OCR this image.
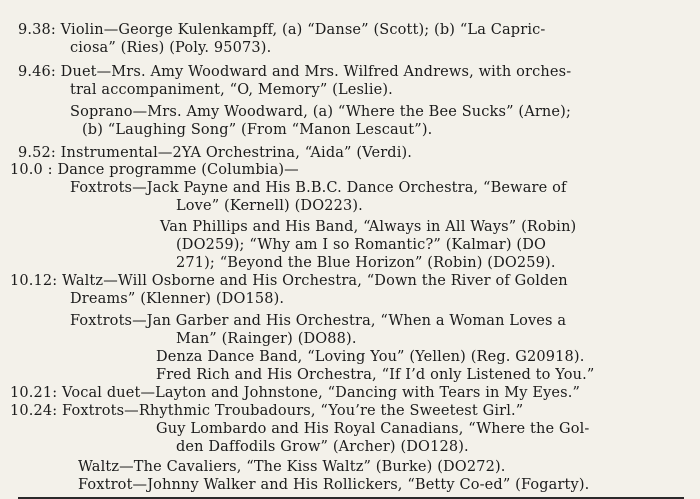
9.38: Violin—George Kulenkampff, (a) “Danse” (Scott); (b) “La Capric-
ciosa” (Ries) (Poly. 95073).
9.46: Duet—Mrs. Amy Woodward and Mrs. Wilfred Andrews, with orches-
tral accompaniment, “O, Memory” (Leslie).
Soprano—Mrs. Amy Woodward, (a) “Where the Bee Sucks” (Arne);
(b) “Laughing Song” (From “Manon Lescaut”).
9.52: Instrumental—2YA Orchestrina, “Aida” (Verdi).
10.0 : Dance programme (Columbia)—
Foxtrots—Jack Payne and His B.B.C. Dance Orchestra, “Beware of
Love” (Kernell) (DO223).
Van Phillips and His Band, “Always in All Ways” (Robin)
(DO259); “Why am I so Romantic?” (Kalmar) (DO
271); “Beyond the Blue Horizon” (Robin) (DO259).
10.12: Waltz—Will Osborne and His Orchestra, “Down the River of Golden
Dreams” (Klenner) (DO158).
Foxtrots—Jan Garber and His Orchestra, “When a Woman Loves a
Man” (Rainger) (DO88).
Denza Dance Band, “Loving You” (Yellen) (Reg. G20918).
Fred Rich and His Orchestra, “If I’d only Listened to You.”
10.21: Vocal duet—Layton and Johnstone, “Dancing with Tears in My Eyes.”
10.24: Foxtrots—Rhythmic Troubadours, “You’re the Sweetest Girl.”
Guy Lombardo and His Royal Canadians, “Where the Gol-
den Daffodils Grow” (Archer) (DO128).
Waltz—The Cavaliers, “The Kiss Waltz” (Burke) (DO272).
Foxtrot—Johnny Walker and His Rollickers, “Betty Co-ed” (Fogarty).
